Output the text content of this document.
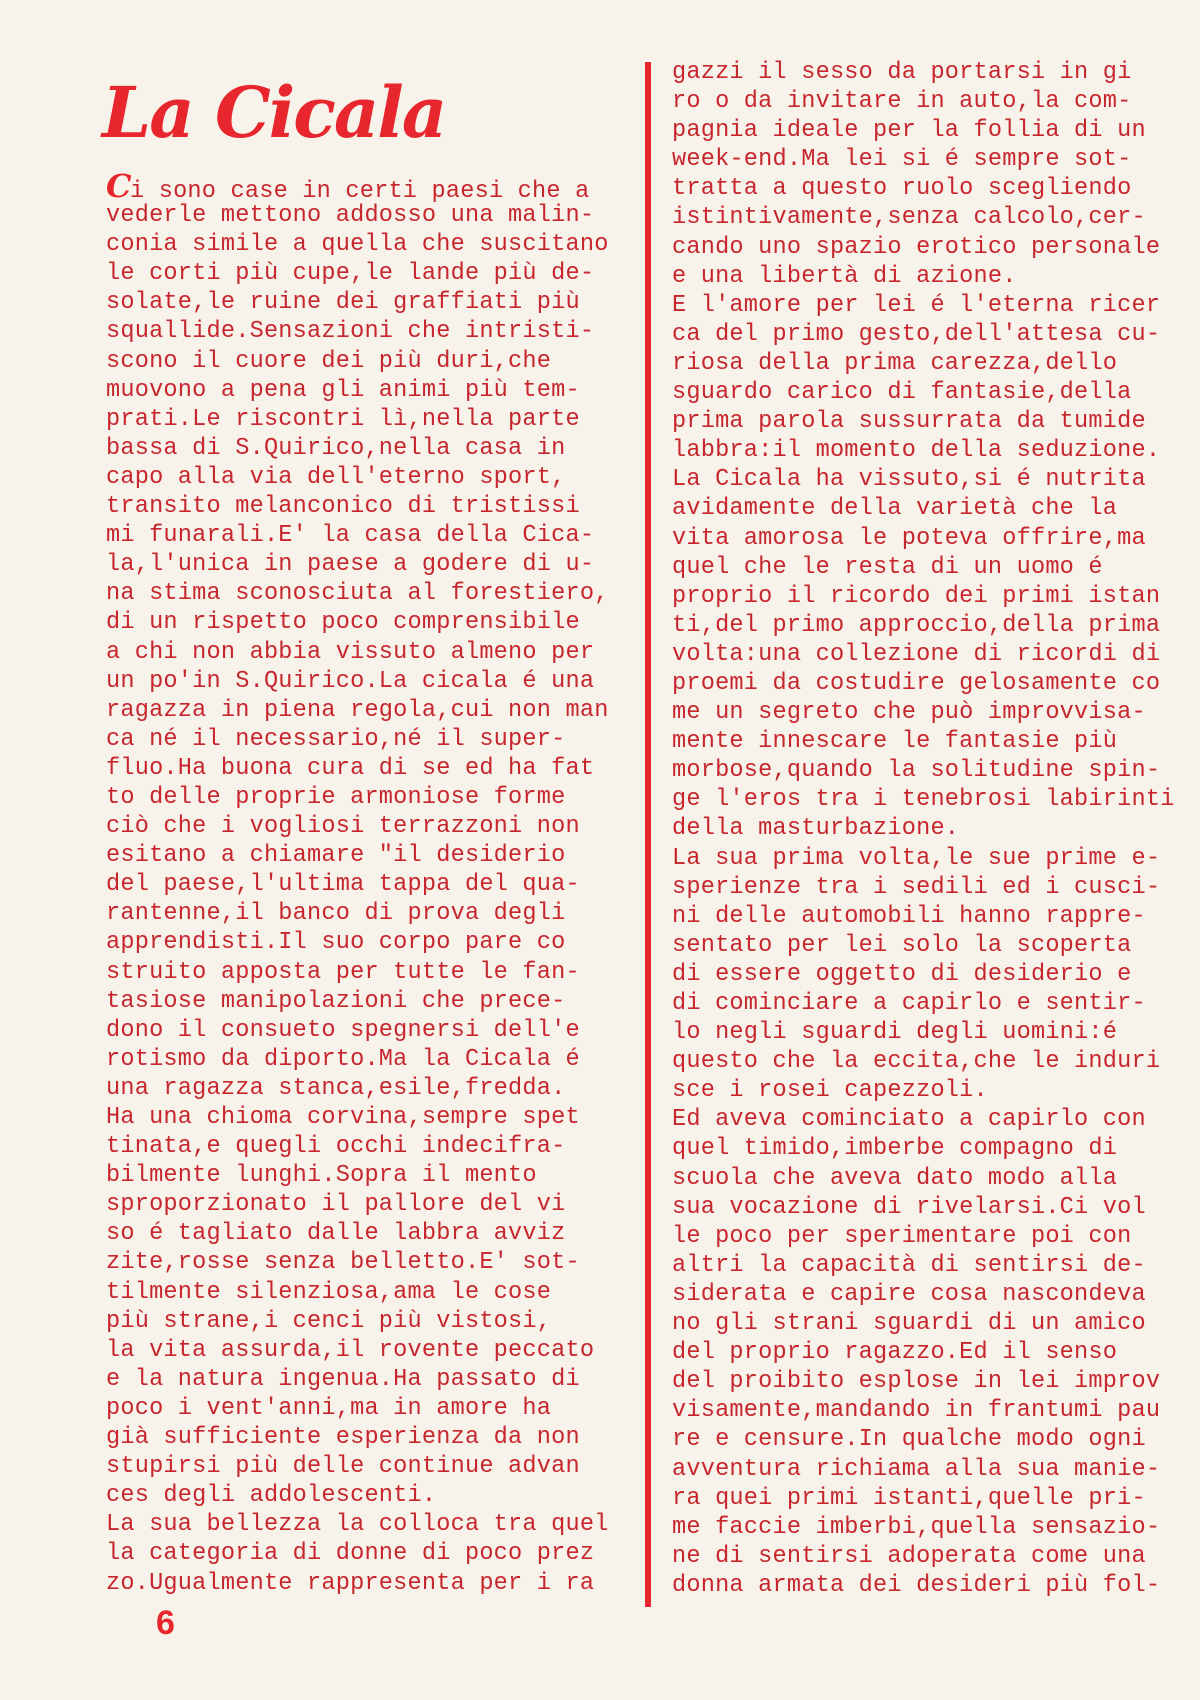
La Cicala
Ci sono case in certi paesi che a
vederle mettono addosso una malin-
conia simile a quella che suscitano
le corti più cupe,le lande più de-
solate,le ruine dei graffiati più
squallide.Sensazioni che intristi-
scono il cuore dei più duri,che
muovono a pena gli animi più tem-
prati.Le riscontri lì,nella parte
bassa di S.Quirico,nella casa in
capo alla via dell'eterno sport,
transito melanconico di tristissi
mi funarali.E' la casa della Cica-
la,l'unica in paese a godere di u-
na stima sconosciuta al forestiero,
di un rispetto poco comprensibile
a chi non abbia vissuto almeno per
un po'in S.Quirico.La cicala é una
ragazza in piena regola,cui non man
ca né il necessario,né il super-
fluo.Ha buona cura di se ed ha fat
to delle proprie armoniose forme
ciò che i vogliosi terrazzoni non
esitano a chiamare "il desiderio
del paese,l'ultima tappa del qua-
rantenne,il banco di prova degli
apprendisti.Il suo corpo pare co
struito apposta per tutte le fan-
tasiose manipolazioni che prece-
dono il consueto spegnersi dell'e
rotismo da diporto.Ma la Cicala é
una ragazza stanca,esile,fredda.
Ha una chioma corvina,sempre spet
tinata,e quegli occhi indecifra-
bilmente lunghi.Sopra il mento
sproporzionato il pallore del vi
so é tagliato dalle labbra avviz
zite,rosse senza belletto.E' sot-
tilmente silenziosa,ama le cose
più strane,i cenci più vistosi,
la vita assurda,il rovente peccato
e la natura ingenua.Ha passato di
poco i vent'anni,ma in amore ha
già sufficiente esperienza da non
stupirsi più delle continue advan
ces degli addolescenti.
La sua bellezza la colloca tra quel
la categoria di donne di poco prez
zo.Ugualmente rappresenta per i ra
gazzi il sesso da portarsi in gi
ro o da invitare in auto,la com-
pagnia ideale per la follia di un
week-end.Ma lei si é sempre sot-
tratta a questo ruolo scegliendo
istintivamente,senza calcolo,cer-
cando uno spazio erotico personale
e una libertà di azione.
E l'amore per lei é l'eterna ricer
ca del primo gesto,dell'attesa cu-
riosa della prima carezza,dello
sguardo carico di fantasie,della
prima parola sussurrata da tumide
labbra:il momento della seduzione.
La Cicala ha vissuto,si é nutrita
avidamente della varietà che la
vita amorosa le poteva offrire,ma
quel che le resta di un uomo é
proprio il ricordo dei primi istan
ti,del primo approccio,della prima
volta:una collezione di ricordi di
proemi da costudire gelosamente co
me un segreto che può improvvisa-
mente innescare le fantasie più
morbose,quando la solitudine spin-
ge l'eros tra i tenebrosi labirinti
della masturbazione.
La sua prima volta,le sue prime e-
sperienze tra i sedili ed i cusci-
ni delle automobili hanno rappre-
sentato per lei solo la scoperta
di essere oggetto di desiderio e
di cominciare a capirlo e sentir-
lo negli sguardi degli uomini:é
questo che la eccita,che le induri
sce i rosei capezzoli.
Ed aveva cominciato a capirlo con
quel timido,imberbe compagno di
scuola che aveva dato modo alla
sua vocazione di rivelarsi.Ci vol
le poco per sperimentare poi con
altri la capacità di sentirsi de-
siderata e capire cosa nascondeva
no gli strani sguardi di un amico
del proprio ragazzo.Ed il senso
del proibito esplose in lei improv
visamente,mandando in frantumi pau
re e censure.In qualche modo ogni
avventura richiama alla sua manie-
ra quei primi istanti,quelle pri-
me faccie imberbi,quella sensazio-
ne di sentirsi adoperata come una
donna armata dei desideri più fol-
6
